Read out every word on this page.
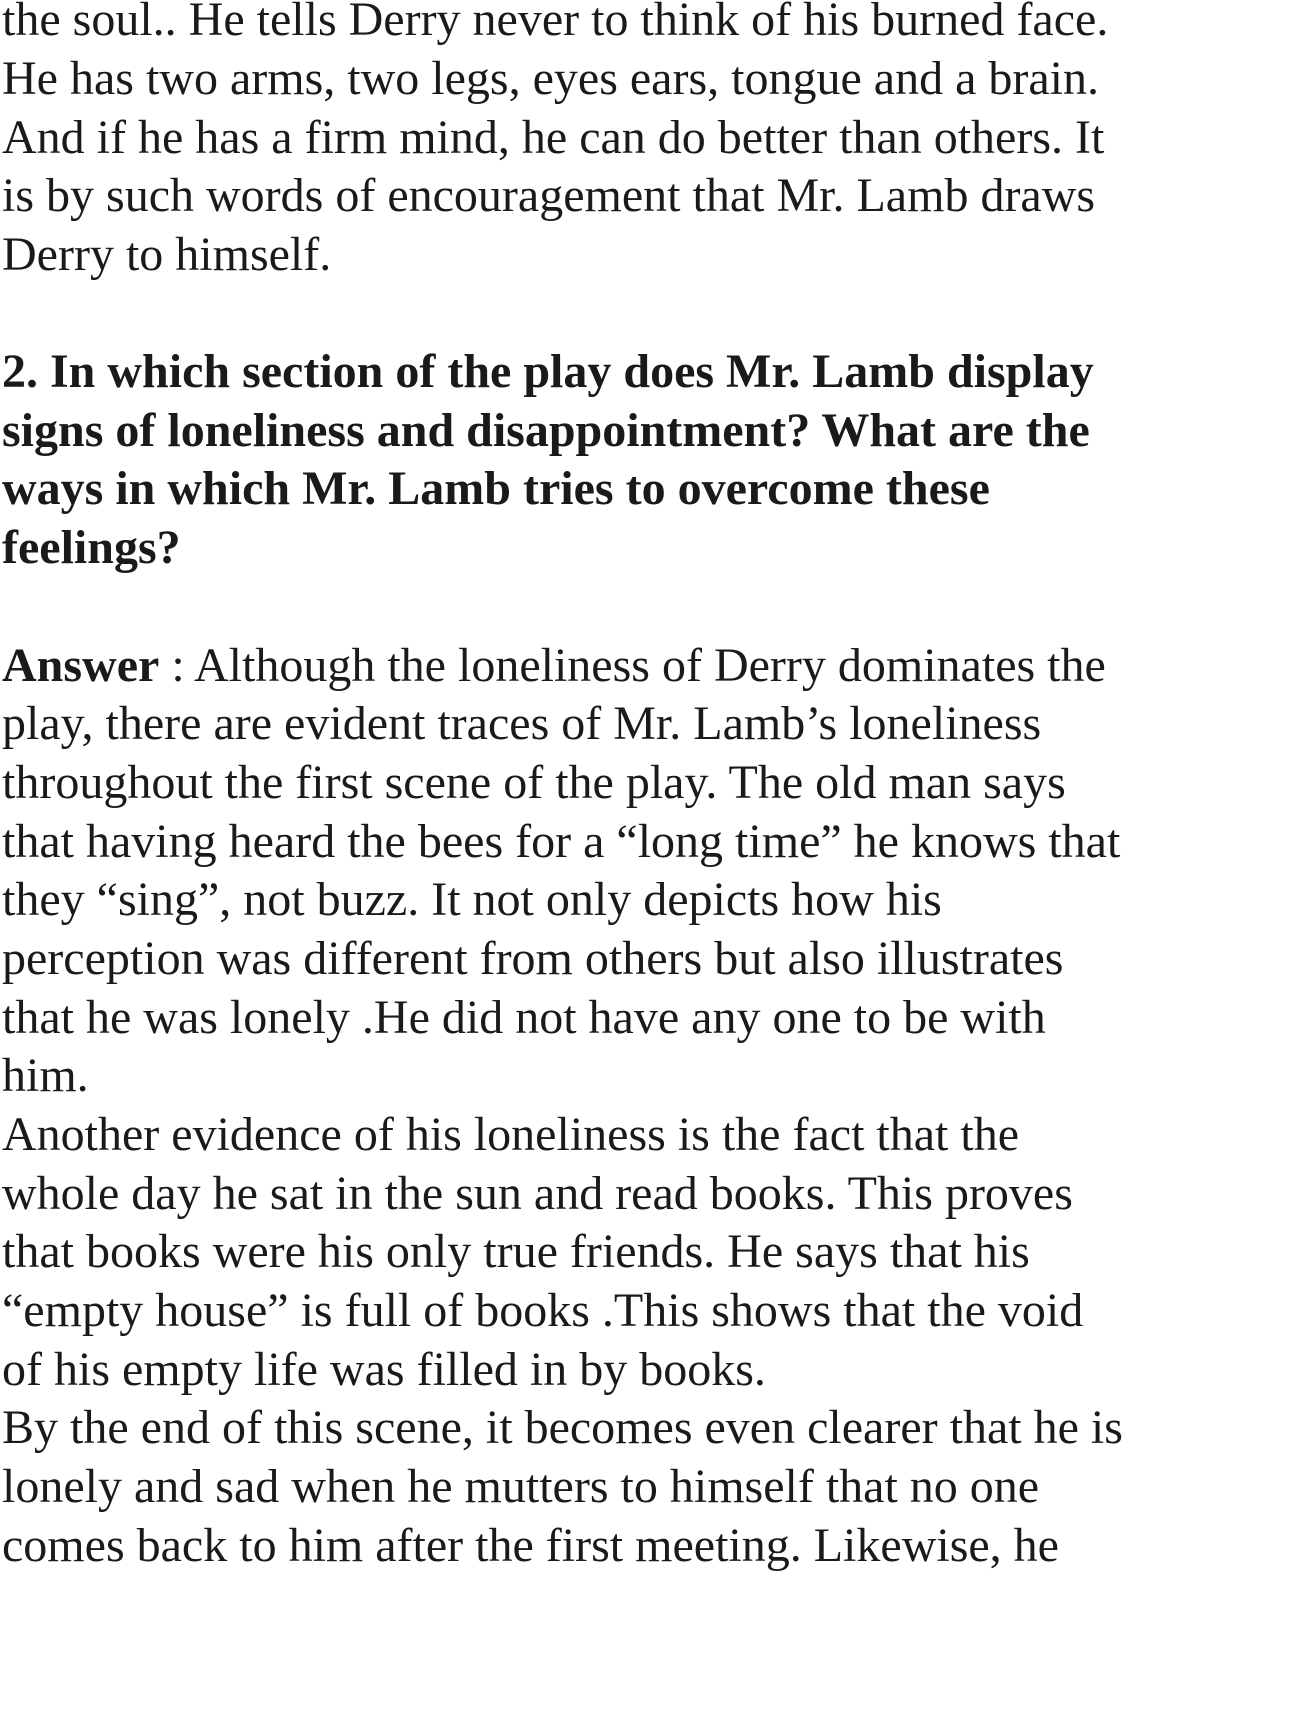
the soul.. He tells Derry never to think of his burned face.

He has two arms, two legs, eyes ears, tongue and a brain.

And if he has a firm mind, he can do better than others. It

is by such words of encouragement that Mr. Lamb draws

Derry to himself.

2. In which section of the play does Mr. Lamb display

signs of loneliness and disappointment? What are the

ways in which Mr. Lamb tries to overcome these

feelings?

Answer : Although the loneliness of Derry dominates the

play, there are evident traces of Mr. Lamb’s loneliness

throughout the first scene of the play. The old man says

that having heard the bees for a “long time” he knows that

they “sing”, not buzz. It not only depicts how his

perception was different from others but also illustrates

that he was lonely .He did not have any one to be with

him.

Another evidence of his loneliness is the fact that the

whole day he sat in the sun and read books. This proves

that books were his only true friends. He says that his

“empty house” is full of books .This shows that the void

of his empty life was filled in by books.

By the end of this scene, it becomes even clearer that he is

lonely and sad when he mutters to himself that no one

comes back to him after the first meeting. Likewise, he
